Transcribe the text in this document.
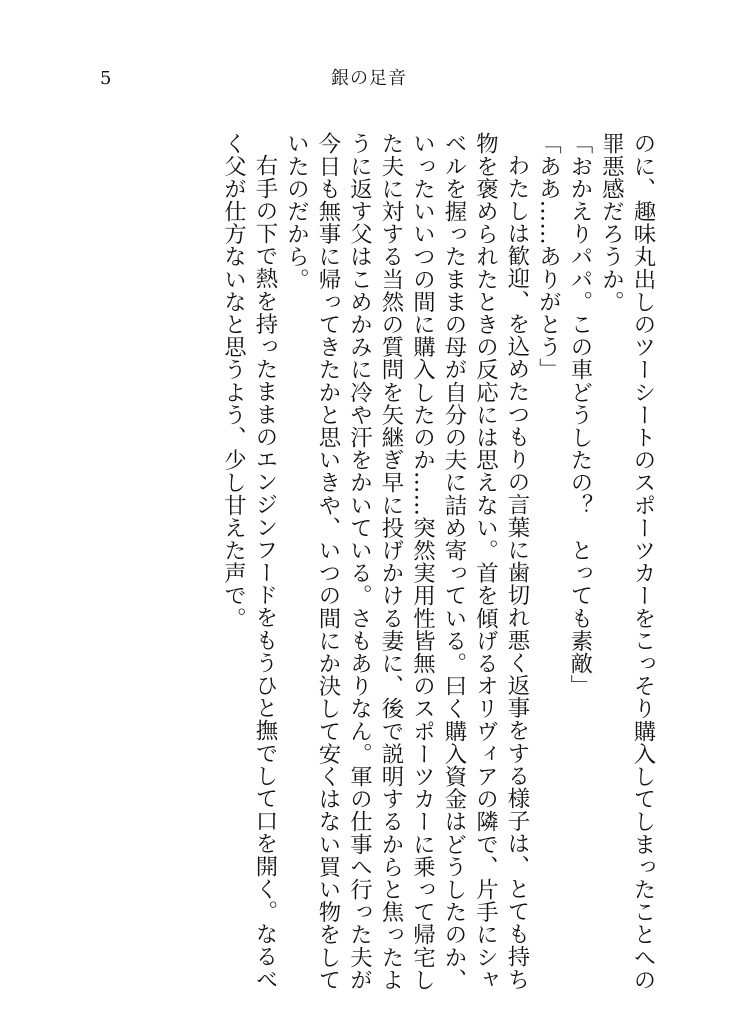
5	銀の足音

のに、趣味丸出しのツーシートのスポーツカーをこっそり購入してしまったことへの罪悪感だろうか。

「おかえりパパ。この車どうしたの？　とっても素敵」

「ああ……ありがとう」

わたしは歓迎、を込めたつもりの言葉に歯切れ悪く返事をする様子は、とても持ち物を褒められたときの反応には思えない。首を傾げるオリヴィアの隣で、片手にシャベルを握ったままの母が自分の夫に詰め寄っている。曰く購入資金はどうしたのか、いったいいつの間に購入したのか……突然実用性皆無のスポーツカーに乗って帰宅した夫に対する当然の質問を矢継ぎ早に投げかける妻に、後で説明するからと焦ったように返す父はこめかみに冷や汗をかいている。さもありなん。軍の仕事へ行った夫が今日も無事に帰ってきたかと思いきや、いつの間にか決して安くはない買い物をしていたのだから。

右手の下で熱を持ったままのエンジンフードをもうひと撫でして口を開く。なるべく父が仕方ないなと思うよう、少し甘えた声で。
